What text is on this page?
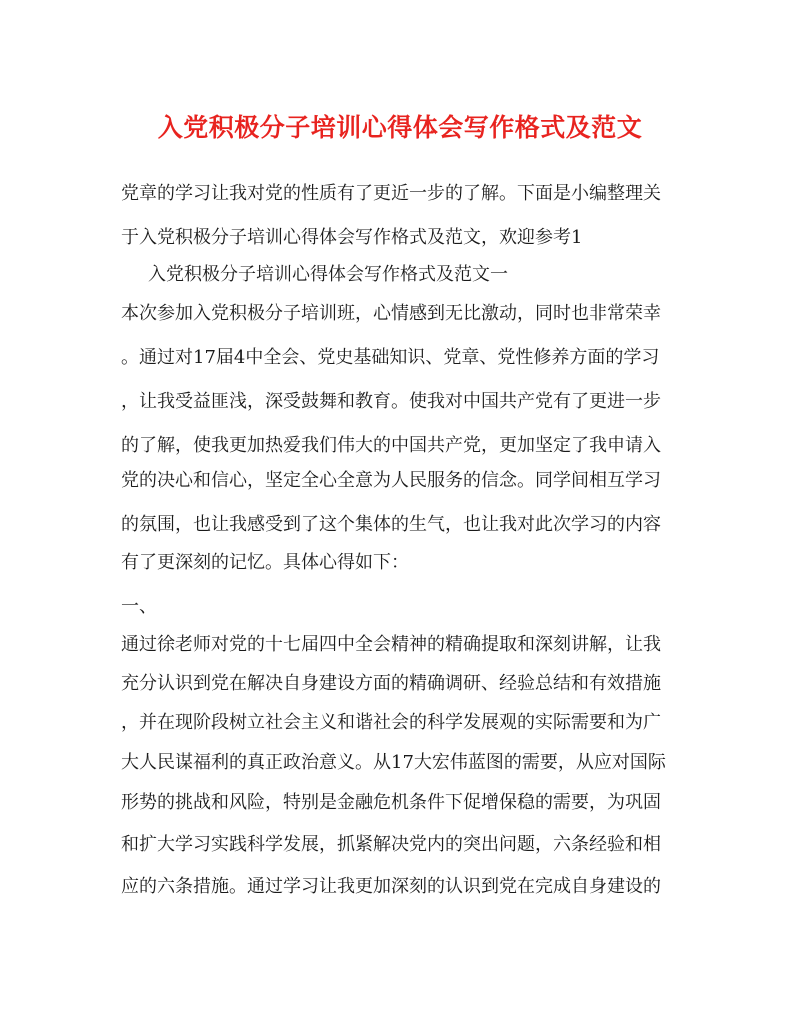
入党积极分子培训心得体会写作格式及范文
党章的学习让我对党的性质有了更近一步的了解。下面是小编整理关
于入党积极分子培训心得体会写作格式及范文，欢迎参考1
入党积极分子培训心得体会写作格式及范文一
本次参加入党积极分子培训班，心情感到无比激动，同时也非常荣幸
。通过对17届4中全会、党史基础知识、党章、党性修养方面的学习
，让我受益匪浅，深受鼓舞和教育。使我对中国共产党有了更进一步
的了解，使我更加热爱我们伟大的中国共产党，更加坚定了我申请入
党的决心和信心，坚定全心全意为人民服务的信念。同学间相互学习
的氛围，也让我感受到了这个集体的生气，也让我对此次学习的内容
有了更深刻的记忆。具体心得如下：
一、
通过徐老师对党的十七届四中全会精神的精确提取和深刻讲解，让我
充分认识到党在解决自身建设方面的精确调研、经验总结和有效措施
，并在现阶段树立社会主义和谐社会的科学发展观的实际需要和为广
大人民谋福利的真正政治意义。从17大宏伟蓝图的需要，从应对国际
形势的挑战和风险，特别是金融危机条件下促增保稳的需要，为巩固
和扩大学习实践科学发展，抓紧解决党内的突出问题，六条经验和相
应的六条措施。通过学习让我更加深刻的认识到党在完成自身建设的
